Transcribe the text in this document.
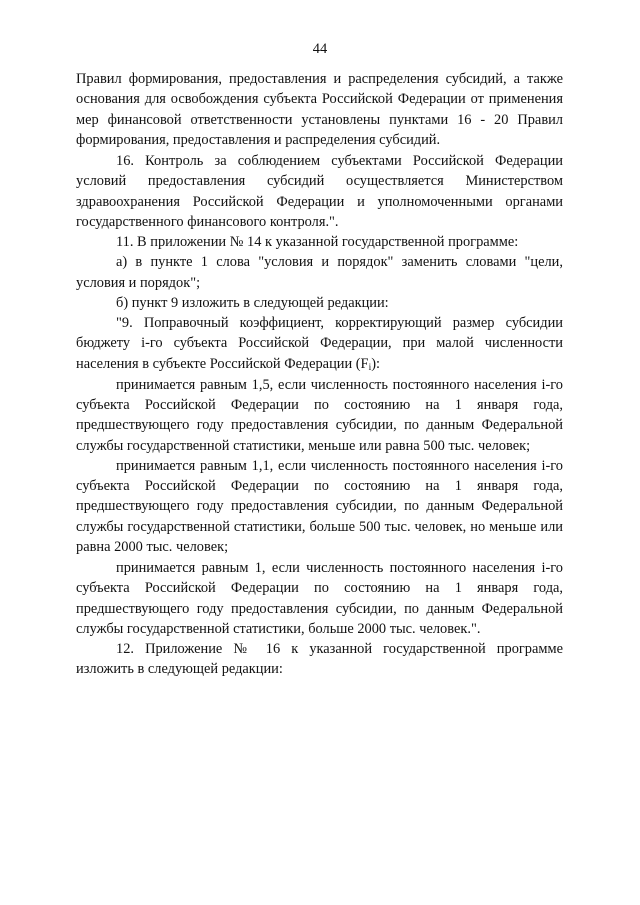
44

Правил формирования, предоставления и распределения субсидий, а также основания для освобождения субъекта Российской Федерации от применения мер финансовой ответственности установлены пунктами 16 - 20 Правил формирования, предоставления и распределения субсидий.

16. Контроль за соблюдением субъектами Российской Федерации условий предоставления субсидий осуществляется Министерством здравоохранения Российской Федерации и уполномоченными органами государственного финансового контроля.".

11. В приложении № 14 к указанной государственной программе:

а) в пункте 1 слова "условия и порядок" заменить словами "цели, условия и порядок";

б) пункт 9 изложить в следующей редакции:

"9. Поправочный коэффициент, корректирующий размер субсидии бюджету i-го субъекта Российской Федерации, при малой численности населения в субъекте Российской Федерации $(F_i)$:

принимается равным 1,5, если численность постоянного населения i-го субъекта Российской Федерации по состоянию на 1 января года, предшествующего году предоставления субсидии, по данным Федеральной службы государственной статистики, меньше или равна 500 тыс. человек;

принимается равным 1,1, если численность постоянного населения i-го субъекта Российской Федерации по состоянию на 1 января года, предшествующего году предоставления субсидии, по данным Федеральной службы государственной статистики, больше 500 тыс. человек, но меньше или равна 2000 тыс. человек;

принимается равным 1, если численность постоянного населения i-го субъекта Российской Федерации по состоянию на 1 января года, предшествующего году предоставления субсидии, по данным Федеральной службы государственной статистики, больше 2000 тыс. человек.".

12. Приложение № 16 к указанной государственной программе изложить в следующей редакции:
